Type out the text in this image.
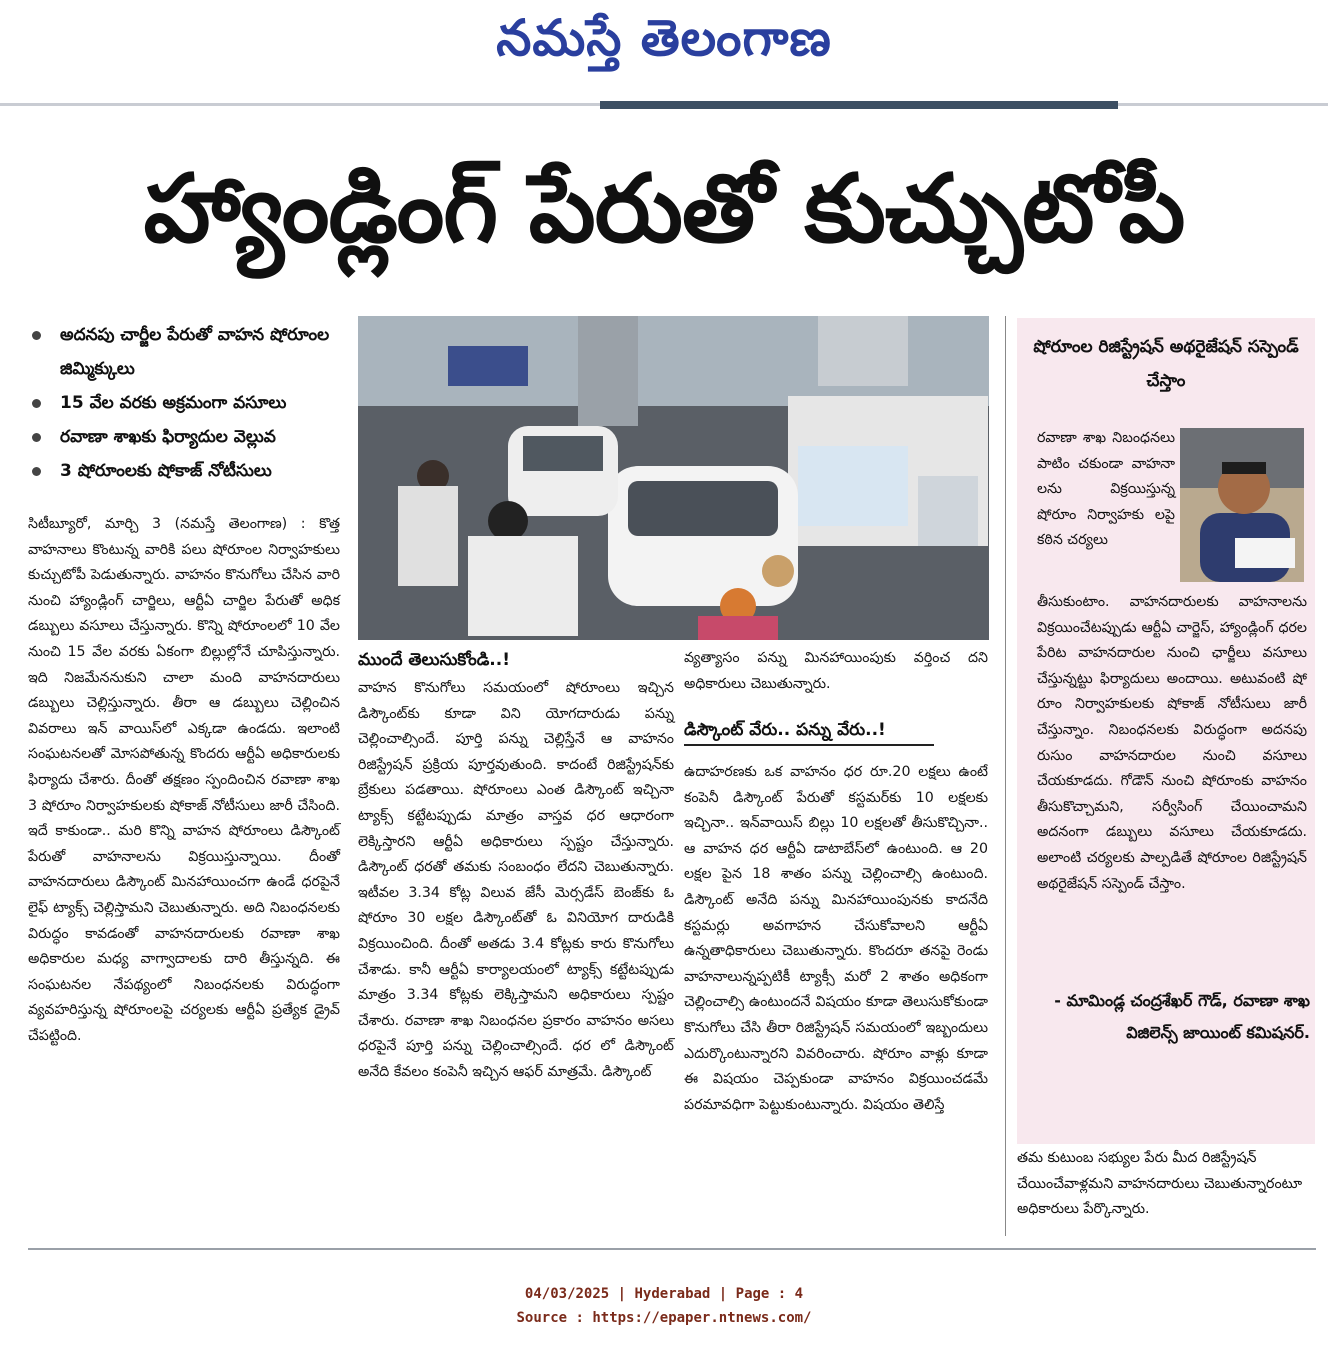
నమస్తే తెలంగాణ
హ్యాండ్లింగ్ పేరుతో కుచ్చుటోపీ
అదనపు చార్జీల పేరుతో వాహన షోరూంల జిమ్మిక్కులు
15 వేల వరకు అక్రమంగా వసూలు
రవాణా శాఖకు ఫిర్యాదుల వెల్లువ
3 షోరూంలకు షోకాజ్ నోటీసులు

సిటీబ్యూరో, మార్చి 3 (నమస్తే తెలంగాణ) : కొత్త వాహనాలు కొంటున్న వారికి పలు షోరూంల నిర్వాహకులు కుచ్చుటోపీ పెడుతున్నారు. వాహనం కొనుగోలు చేసిన వారి నుంచి హ్యాండ్లింగ్ చార్జిలు, ఆర్టీఏ చార్జిల పేరుతో అధిక డబ్బులు వసూలు చేస్తున్నారు. కొన్ని షోరూంలలో 10 వేల నుంచి 15 వేల వరకు ఏకంగా బిల్లుల్లోనే చూపిస్తున్నారు. ఇది నిజమేననుకుని చాలా మంది వాహనదారులు డబ్బులు చెల్లిస్తున్నారు. తీరా ఆ డబ్బులు చెల్లించిన వివరాలు ఇన్ వాయిస్‌లో ఎక్కడా ఉండదు. ఇలాంటి సంఘటనలతో మోసపోతున్న కొందరు ఆర్టీఏ అధికారులకు ఫిర్యాదు చేశారు. దీంతో తక్షణం స్పందించిన రవాణా శాఖ 3 షోరూం నిర్వాహకులకు షోకాజ్ నోటీసులు జారీ చేసింది. ఇదే కాకుండా.. మరి కొన్ని వాహన షోరూంలు డిస్కౌంట్ పేరుతో వాహనాలను విక్రయిస్తున్నాయి. దీంతో వాహనదారులు డిస్కౌంట్ మినహాయించగా ఉండే ధరపైనే లైఫ్ ట్యాక్స్ చెల్లిస్తామని చెబుతున్నారు. అది నిబంధనలకు విరుద్ధం కావడంతో వాహనదారులకు రవాణా శాఖ అధికారుల మధ్య వాగ్వాదాలకు దారి తీస్తున్నది. ఈ సంఘటనల నేపథ్యంలో నిబంధనలకు విరుద్ధంగా వ్యవహరిస్తున్న షోరూంలపై చర్యలకు ఆర్టీఏ ప్రత్యేక డ్రైవ్ చేపట్టింది.

ముందే తెలుసుకోండి..!

వాహన కొనుగోలు సమయంలో షోరూంలు ఇచ్చిన డిస్కౌంట్‌కు కూడా విని యోగదారుడు పన్ను చెల్లించాల్సిందే. పూర్తి పన్ను చెల్లిస్తేనే ఆ వాహనం రిజిస్ట్రేషన్ ప్రక్రియ పూర్తవుతుంది. కాదంటే రిజిస్ట్రేషన్‌కు బ్రేకులు పడతాయి. షోరూంలు ఎంత డిస్కౌంట్ ఇచ్చినా ట్యాక్స్ కట్టేటప్పుడు మాత్రం వాస్తవ ధర ఆధారంగా లెక్కిస్తారని ఆర్టీఏ అధికారులు స్పష్టం చేస్తున్నారు. డిస్కౌంట్ ధరతో తమకు సంబంధం లేదని చెబుతున్నారు. ఇటీవల 3.34 కోట్ల విలువ జేసీ మెర్సడేస్ బెంజ్‌కు ఓ షోరూం 30 లక్షల డిస్కౌంట్‌తో ఓ వినియోగ దారుడికి విక్రయించింది. దీంతో అతడు 3.4 కోట్లకు కారు కొనుగోలు చేశాడు. కానీ ఆర్టీఏ కార్యాలయంలో ట్యాక్స్ కట్టేటప్పుడు మాత్రం 3.34 కోట్లకు లెక్కిస్తామని అధికారులు స్పష్టం చేశారు. రవాణా శాఖ నిబంధనల ప్రకారం వాహనం అసలు ధరపైనే పూర్తి పన్ను చెల్లించాల్సిందే. ధర లో డిస్కౌంట్ అనేది కేవలం కంపెనీ ఇచ్చిన ఆఫర్ మాత్రమే. డిస్కౌంట్

వ్యత్యాసం పన్ను మినహాయింపుకు వర్తించ దని అధికారులు చెబుతున్నారు.

డిస్కౌంట్ వేరు.. పన్ను వేరు..!

ఉదాహరణకు ఒక వాహనం ధర రూ.20 లక్షలు ఉంటే కంపెనీ డిస్కౌంట్ పేరుతో కస్టమర్‌కు 10 లక్షలకు ఇచ్చినా.. ఇన్‌వాయిస్ బిల్లు 10 లక్షలతో తీసుకొచ్చినా.. ఆ వాహన ధర ఆర్టీఏ డాటాబేస్‌లో ఉంటుంది. ఆ 20 లక్షల పైన 18 శాతం పన్ను చెల్లించాల్సి ఉంటుంది. డిస్కౌంట్ అనేది పన్ను మినహాయింపునకు కాదనేది కస్టమర్లు అవగాహన చేసుకోవాలని ఆర్టీఏ ఉన్నతాధికారులు చెబుతున్నారు. కొందరూ తనపై రెండు వాహనాలున్నప్పటికీ ట్యాక్సీ మరో 2 శాతం అధికంగా చెల్లించాల్సి ఉంటుందనే విషయం కూడా తెలుసుకోకుండా కొనుగోలు చేసి తీరా రిజిస్ట్రేషన్ సమయంలో ఇబ్బందులు ఎదుర్కొంటున్నారని వివరించారు. షోరూం వాళ్లు కూడా ఈ విషయం చెప్పకుండా వాహనం విక్రయించడమే పరమావధిగా పెట్టుకుంటున్నారు. విషయం తెలిస్తే

షోరూంల రిజిస్ట్రేషన్ అథరైజేషన్ సస్పెండ్ చేస్తాం

రవాణా శాఖ నిబంధనలు పాటిం చకుండా వాహనా లను విక్రయిస్తున్న షోరూం నిర్వాహకు లపై కఠిన చర్యలు

తీసుకుంటాం. వాహనదారులకు వాహనాలను విక్రయించేటప్పుడు ఆర్టీఏ చార్జెస్, హ్యాండ్లింగ్ ధరల పేరిట వాహనదారుల నుంచి ఛార్జీలు వసూలు చేస్తున్నట్టు ఫిర్యాదులు అందాయి. అటువంటి షో రూం నిర్వాహకులకు షోకాజ్ నోటీసులు జారీ చేస్తున్నాం. నిబంధనలకు విరుద్ధంగా అదనపు రుసుం వాహనదారుల నుంచి వసూలు చేయకూడదు. గోడౌన్ నుంచి షోరూంకు వాహనం తీసుకొచ్చామని, సర్వీసింగ్ చేయించామని అదనంగా డబ్బులు వసూలు చేయకూడదు. అలాంటి చర్యలకు పాల్పడితే షోరూంల రిజిస్ట్రేషన్ అథరైజేషన్ సస్పెండ్ చేస్తాం.

- మామిండ్ల చంద్రశేఖర్ గౌడ్, రవాణా శాఖ విజిలెన్స్ జాయింట్ కమిషనర్.

తమ కుటుంబ సభ్యుల పేరు మీద రిజిస్ట్రేషన్ చేయించేవాళ్లమని వాహనదారులు చెబుతున్నారంటూ అధికారులు పేర్కొన్నారు.

04/03/2025 | Hyderabad | Page : 4
Source : https://epaper.ntnews.com/
